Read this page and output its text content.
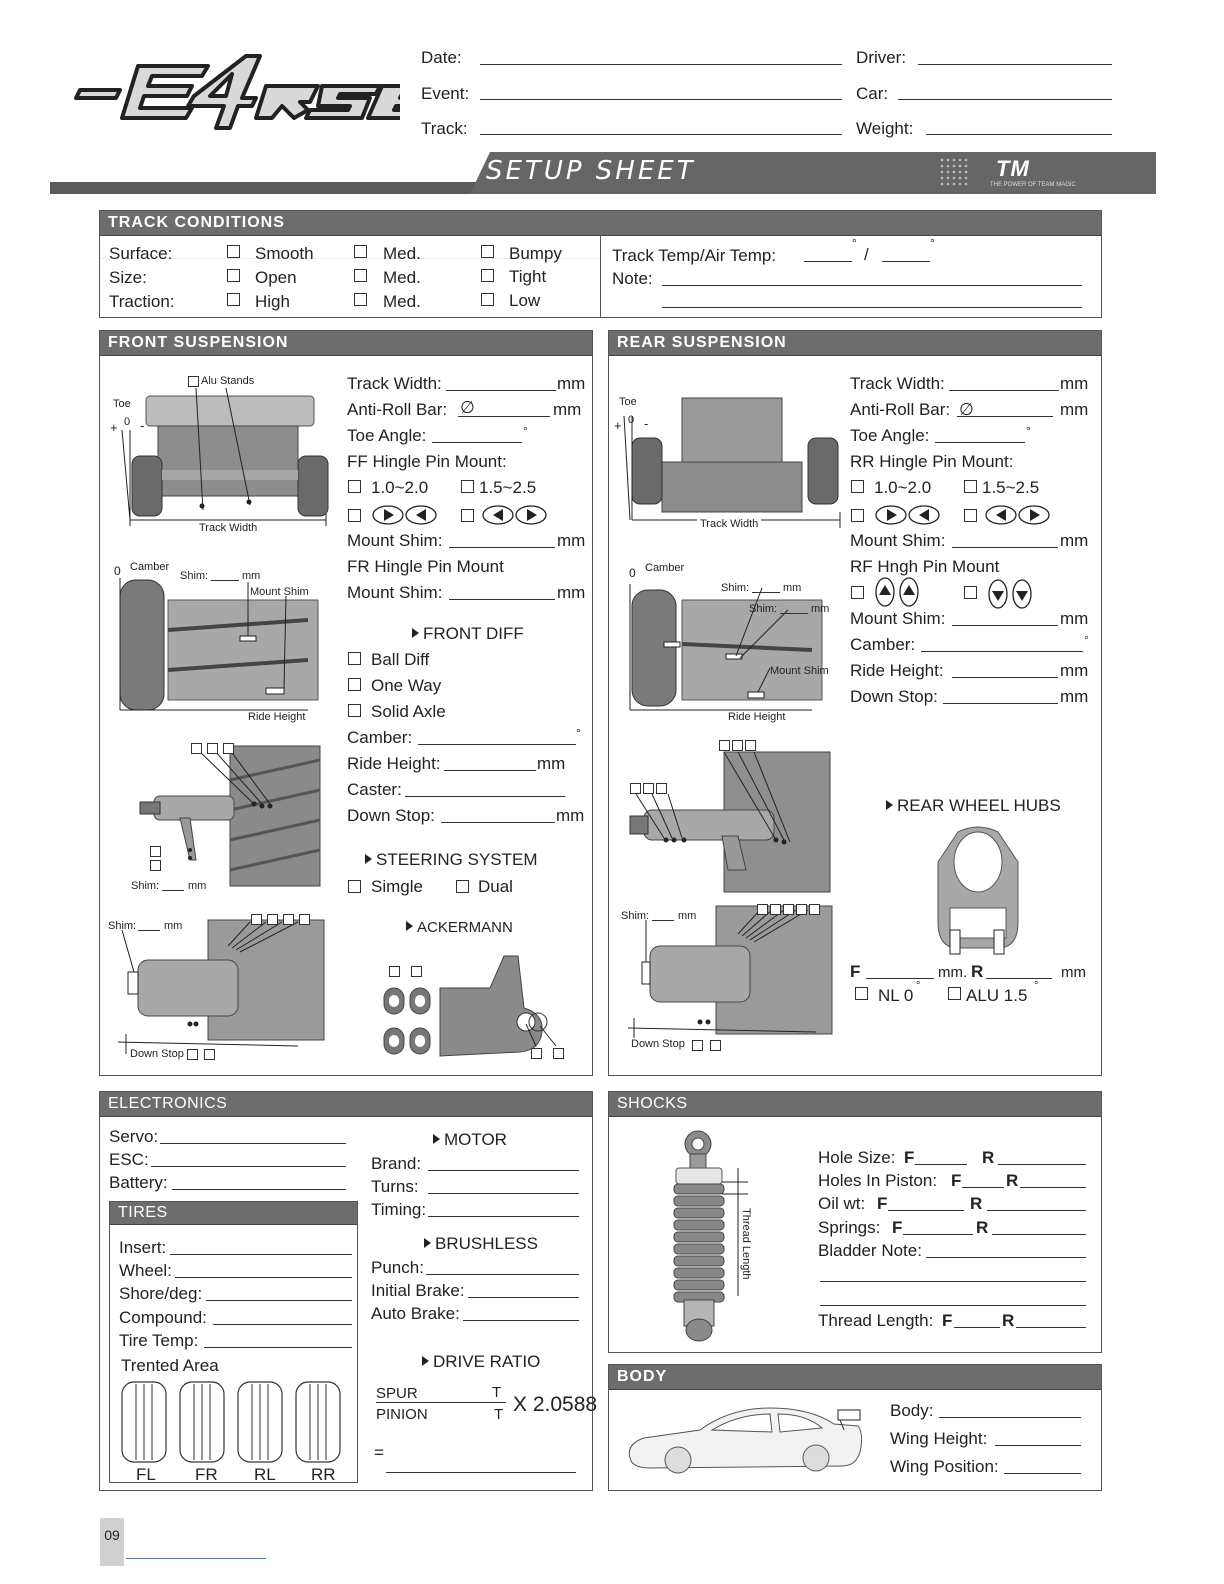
Date:
Event:
Track:
Driver:
Car:
Weight:
SETUP SHEET	TM
THE POWER OF TEAM MAGIC
TRACK CONDITIONS
Surface:	Smooth	Med.	Bumpy
Size:	Open	Med.	Tight
Traction:	High	Med.	Low
Track Temp/Air Temp:
°
/
°
Note:
FRONT SUSPENSION
Alu Stands
Toe
+ 0 -
Track Width
0 Camber
Shim:	mm
Mount Shim
Ride Height
Shim:	mm
Shim:	mm
Down Stop
Track Width:	mm
Anti-Roll Bar: ∅	mm
Toe Angle:	°
FF Hingle Pin Mount:
1.0~2.0	1.5~2.5
Mount Shim:	mm
FR Hingle Pin Mount
Mount Shim:	mm
FRONT DIFF
Ball Diff
One Way
Solid Axle
Camber:	°
Ride Height:	mm
Caster:
Down Stop:	mm
STEERING SYSTEM
Simgle	Dual
ACKERMANN
REAR SUSPENSION
Toe
+ 0 -
Track Width
0 Camber
Shim:	mm
Shim:	mm
Mount Shim
Ride Height
Shim:	mm
Down Stop
Track Width:	mm
Anti-Roll Bar: ∅	mm
Toe Angle:	°
RR Hingle Pin Mount:
1.0~2.0	1.5~2.5
Mount Shim:	mm
RF Hngh Pin Mount
Mount Shim:	mm
Camber:	°
Ride Height:	mm
Down Stop:	mm
REAR WHEEL HUBS
F	mm. R	mm
NL 0 °	ALU 1.5 °
ELECTRONICS
Servo:
ESC:
Battery:
MOTOR
Brand:
Turns:
Timing:
BRUSHLESS
Punch:
Initial Brake:
Auto Brake:
DRIVE RATIO
SPUR	T
PINION	T X 2.0588
=
TIRES
Insert:
Wheel:
Shore/deg:
Compound:
Tire Temp:
Trented Area
FL FR RL RR
SHOCKS
Thread Length
Hole Size: F	R
Holes In Piston: F	R
Oil wt: F	R
Springs: F	R
Bladder Note:
Thread Length: F	R
BODY
Body:
Wing Height:
Wing Position:
09
